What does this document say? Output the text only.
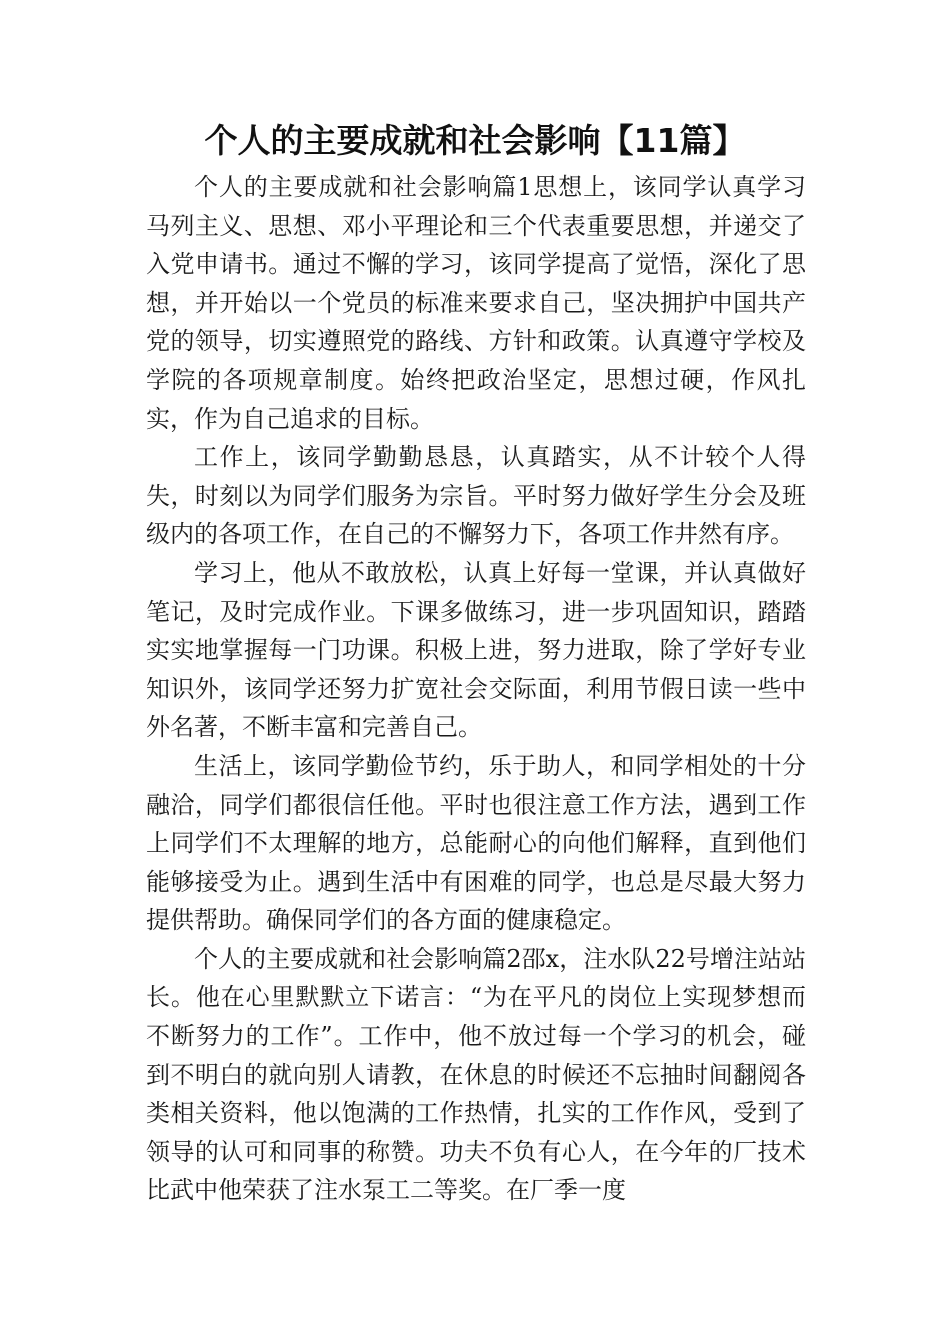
个人的主要成就和社会影响【11篇】

个人的主要成就和社会影响篇1思想上，该同学认真学习马列主义、思想、邓小平理论和三个代表重要思想，并递交了入党申请书。通过不懈的学习，该同学提高了觉悟，深化了思想，并开始以一个党员的标准来要求自己，坚决拥护中国共产党的领导，切实遵照党的路线、方针和政策。认真遵守学校及学院的各项规章制度。始终把政治坚定，思想过硬，作风扎实，作为自己追求的目标。

工作上，该同学勤勤恳恳，认真踏实，从不计较个人得失，时刻以为同学们服务为宗旨。平时努力做好学生分会及班级内的各项工作，在自己的不懈努力下，各项工作井然有序。

学习上，他从不敢放松，认真上好每一堂课，并认真做好笔记，及时完成作业。下课多做练习，进一步巩固知识，踏踏实实地掌握每一门功课。积极上进，努力进取，除了学好专业知识外，该同学还努力扩宽社会交际面，利用节假日读一些中外名著，不断丰富和完善自己。

生活上，该同学勤俭节约，乐于助人，和同学相处的十分融洽，同学们都很信任他。平时也很注意工作方法，遇到工作上同学们不太理解的地方，总能耐心的向他们解释，直到他们能够接受为止。遇到生活中有困难的同学，也总是尽最大努力提供帮助。确保同学们的各方面的健康稳定。

个人的主要成就和社会影响篇2邵x，注水队22号增注站站长。他在心里默默立下诺言：“为在平凡的岗位上实现梦想而不断努力的工作”。工作中，他不放过每一个学习的机会，碰到不明白的就向别人请教，在休息的时候还不忘抽时间翻阅各类相关资料，他以饱满的工作热情，扎实的工作作风，受到了领导的认可和同事的称赞。功夫不负有心人，在今年的厂技术比武中他荣获了注水泵工二等奖。在厂季一度
